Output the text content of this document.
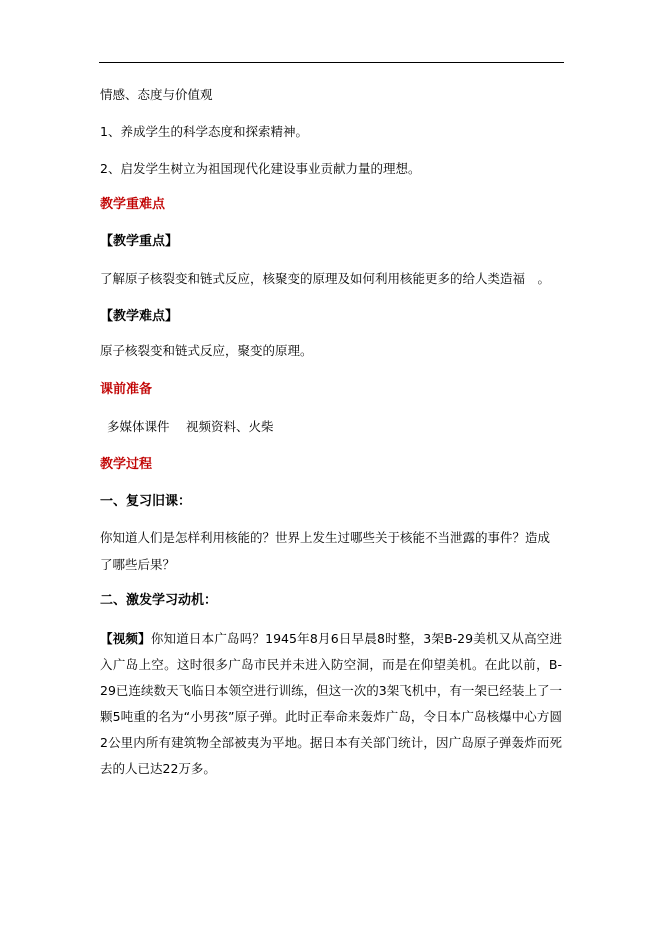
情感、态度与价值观
1、养成学生的科学态度和探索精神。
2、启发学生树立为祖国现代化建设事业贡献力量的理想。
教学重难点
【教学重点】
了解原子核裂变和链式反应，核聚变的原理及如何利用核能更多的给人类造福　。
【教学难点】
原子核裂变和链式反应，聚变的原理。
课前准备
多媒体课件　 视频资料、火柴
教学过程
一、复习旧课：
你知道人们是怎样利用核能的？世界上发生过哪些关于核能不当泄露的事件？造成了哪些后果？
二、激发学习动机：
【视频】你知道日本广岛吗？1945年8月6日早晨8时整，3架B-29美机又从高空进入广岛上空。这时很多广岛市民并未进入防空洞，而是在仰望美机。在此以前，B-29已连续数天飞临日本领空进行训练，但这一次的3架飞机中，有一架已经装上了一颗5吨重的名为“小男孩”原子弹。此时正奉命来轰炸广岛，令日本广岛核爆中心方圆2公里内所有建筑物全部被夷为平地。据日本有关部门统计，因广岛原子弹轰炸而死去的人已达22万多。
